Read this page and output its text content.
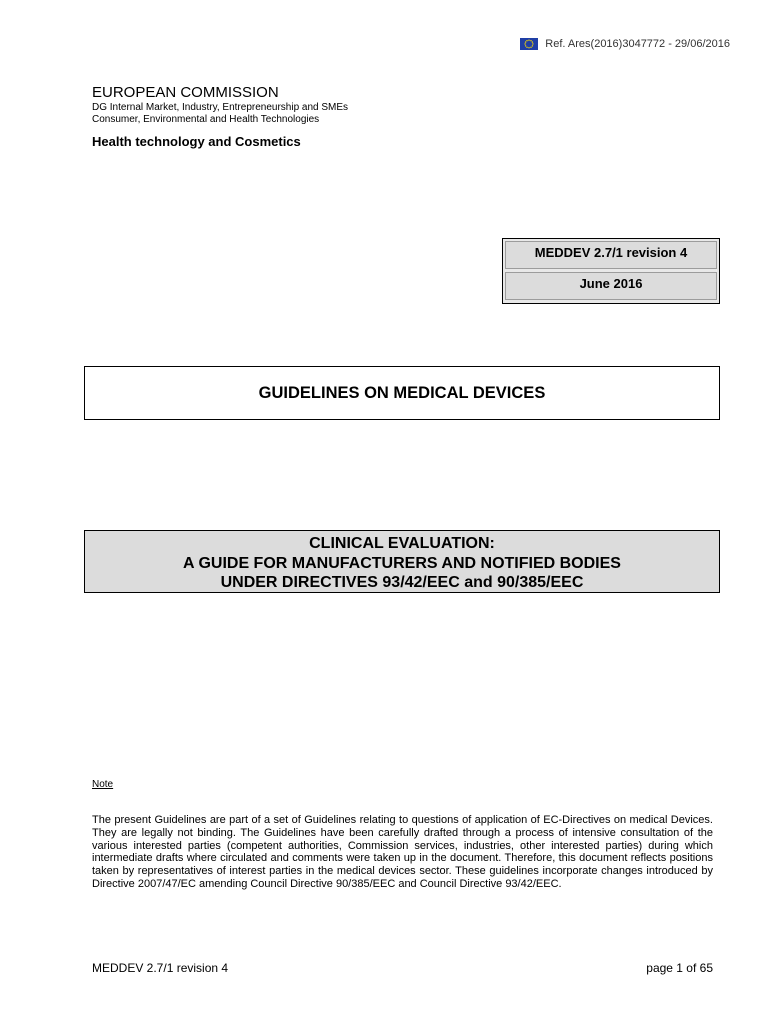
Ref. Ares(2016)3047772 - 29/06/2016
EUROPEAN COMMISSION
DG Internal Market, Industry, Entrepreneurship and SMEs
Consumer, Environmental and Health Technologies
Health technology and Cosmetics
MEDDEV 2.7/1 revision 4
June 2016
GUIDELINES ON MEDICAL DEVICES
CLINICAL EVALUATION:
A GUIDE FOR MANUFACTURERS AND NOTIFIED BODIES
UNDER DIRECTIVES 93/42/EEC and 90/385/EEC
Note
The present Guidelines are part of a set of Guidelines relating to questions of application of EC-Directives on medical Devices. They are legally not binding. The Guidelines have been carefully drafted through a process of intensive consultation of the various interested parties (competent authorities, Commission services, industries, other interested parties) during which intermediate drafts where circulated and comments were taken up in the document. Therefore, this document reflects positions taken by representatives of interest parties in the medical devices sector. These guidelines incorporate changes introduced by Directive 2007/47/EC amending Council Directive 90/385/EEC and Council Directive 93/42/EEC.
MEDDEV 2.7/1 revision 4	page 1 of 65
